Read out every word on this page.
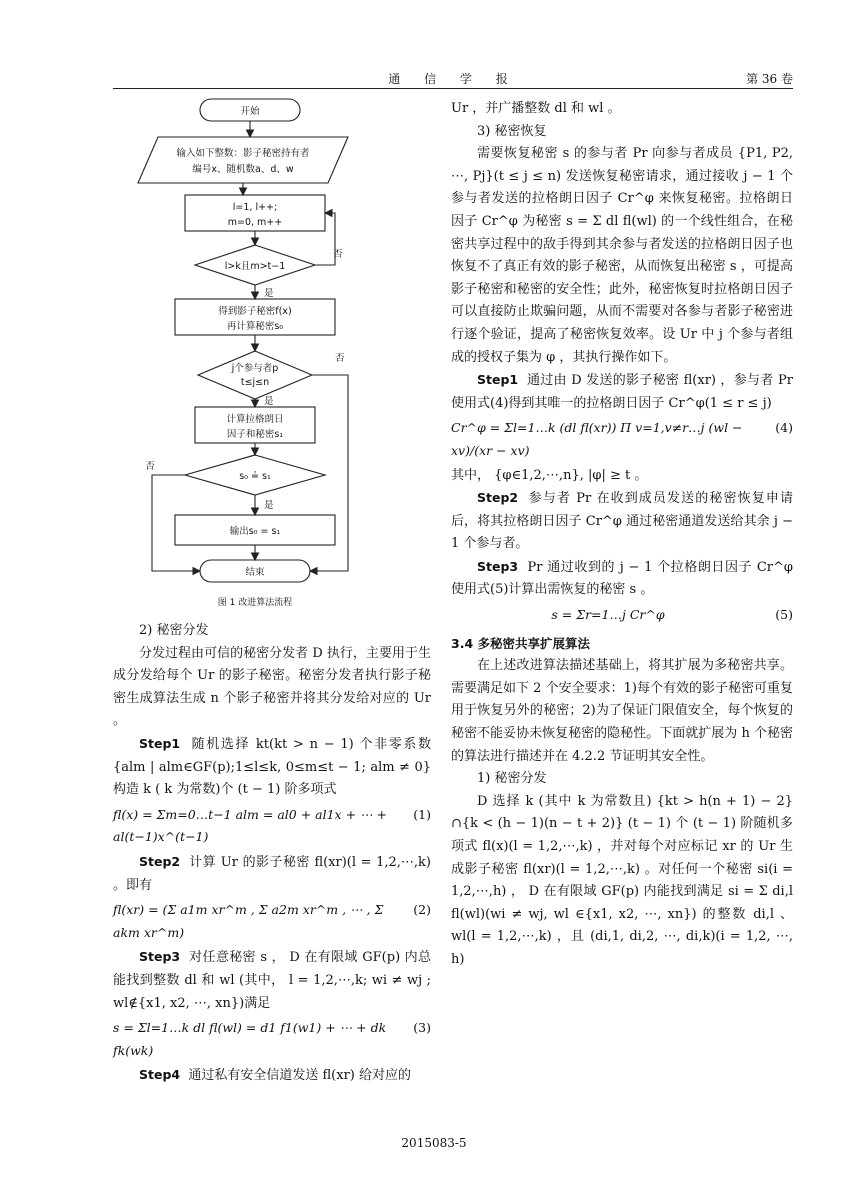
通 信 学 报	第 36 卷
开始
输入如下整数：影子秘密持有者
编号x、随机数a、d、w
l=1, l++;
m=0, m++
l>k且m>t−1
否
是
得到影子秘密f(x)
再计算秘密s₀
j个参与者p
t≤j≤n
否
是
计算拉格朗日
因子和秘密s₁
s₀ ≟ s₁
否
是
输出s₀ = s₁
结束
图 1 改进算法流程

2) 秘密分发

分发过程由可信的秘密分发者 D 执行，主要用于生成分发给每个 Ur 的影子秘密。秘密分发者执行影子秘密生成算法生成 n 个影子秘密并将其分发给对应的 Ur 。

Step1 随机选择 kt(kt > n − 1) 个非零系数 {alm | alm∈GF(p);1≤l≤k, 0≤m≤t − 1; alm ≠ 0} 构造 k ( k 为常数)个 (t − 1) 阶多项式

fl(x) = Σm=0…t−1 alm = al0 + al1x + ⋯ + al(t−1)x^(t−1)
(1)

Step2 计算 Ur 的影子秘密 fl(xr)(l = 1,2,⋯,k) 。即有

fl(xr) = (Σ a1m xr^m , Σ a2m xr^m , ⋯ , Σ akm xr^m)
(2)

Step3 对任意秘密 s ， D 在有限域 GF(p) 内总能找到整数 dl 和 wl (其中， l = 1,2,⋯,k; wi ≠ wj ; wl∉{x1, x2, ⋯, xn})满足

s = Σl=1…k dl fl(wl) = d1 f1(w1) + ⋯ + dk fk(wk)
(3)

Step4 通过私有安全信道发送 fl(xr) 给对应的

Ur ，并广播整数 dl 和 wl 。

3) 秘密恢复

需要恢复秘密 s 的参与者 Pr 向参与者成员 {P1, P2, ⋯, Pj}(t ≤ j ≤ n) 发送恢复秘密请求，通过接收 j − 1 个参与者发送的拉格朗日因子 Cr^φ 来恢复秘密。拉格朗日因子 Cr^φ 为秘密 s = Σ dl fl(wl) 的一个线性组合，在秘密共享过程中的敌手得到其余参与者发送的拉格朗日因子也恢复不了真正有效的影子秘密，从而恢复出秘密 s ，可提高影子秘密和秘密的安全性；此外，秘密恢复时拉格朗日因子可以直接防止欺骗问题，从而不需要对各参与者影子秘密进行逐个验证，提高了秘密恢复效率。设 Ur 中 j 个参与者组成的授权子集为 φ ，其执行操作如下。

Step1 通过由 D 发送的影子秘密 fl(xr) ，参与者 Pr 使用式(4)得到其唯一的拉格朗日因子 Cr^φ(1 ≤ r ≤ j)

Cr^φ = Σl=1…k (dl fl(xr)) Π v=1,v≠r…j (wl − xv)/(xr − xv)
(4)

其中， {φ∈1,2,⋯,n}, |φ| ≥ t 。

Step2 参与者 Pr 在收到成员发送的秘密恢复申请后，将其拉格朗日因子 Cr^φ 通过秘密通道发送给其余 j − 1 个参与者。

Step3 Pr 通过收到的 j − 1 个拉格朗日因子 Cr^φ 使用式(5)计算出需恢复的秘密 s 。

s = Σr=1…j Cr^φ	(5)

3.4 多秘密共享扩展算法

在上述改进算法描述基础上，将其扩展为多秘密共享。需要满足如下 2 个安全要求：1)每个有效的影子秘密可重复用于恢复另外的秘密；2)为了保证门限值安全，每个恢复的秘密不能妥协未恢复秘密的隐秘性。下面就扩展为 h 个秘密的算法进行描述并在 4.2.2 节证明其安全性。

1) 秘密分发

D 选择 k (其中 k 为常数且) {kt > h(n + 1) − 2} ∩{k < (h − 1)(n − t + 2)} (t − 1) 个 (t − 1) 阶随机多项式 fl(x)(l = 1,2,⋯,k) ，并对每个对应标记 xr 的 Ur 生成影子秘密 fl(xr)(l = 1,2,⋯,k) 。对任何一个秘密 si(i = 1,2,⋯,h) ， D 在有限域 GF(p) 内能找到满足 si = Σ di,l fl(wl)(wi ≠ wj, wl ∈{x1, x2, ⋯, xn}) 的整数 di,l 、 wl(l = 1,2,⋯,k) ，且 (di,1, di,2, ⋯, di,k)(i = 1,2, ⋯, h)

2015083-5
